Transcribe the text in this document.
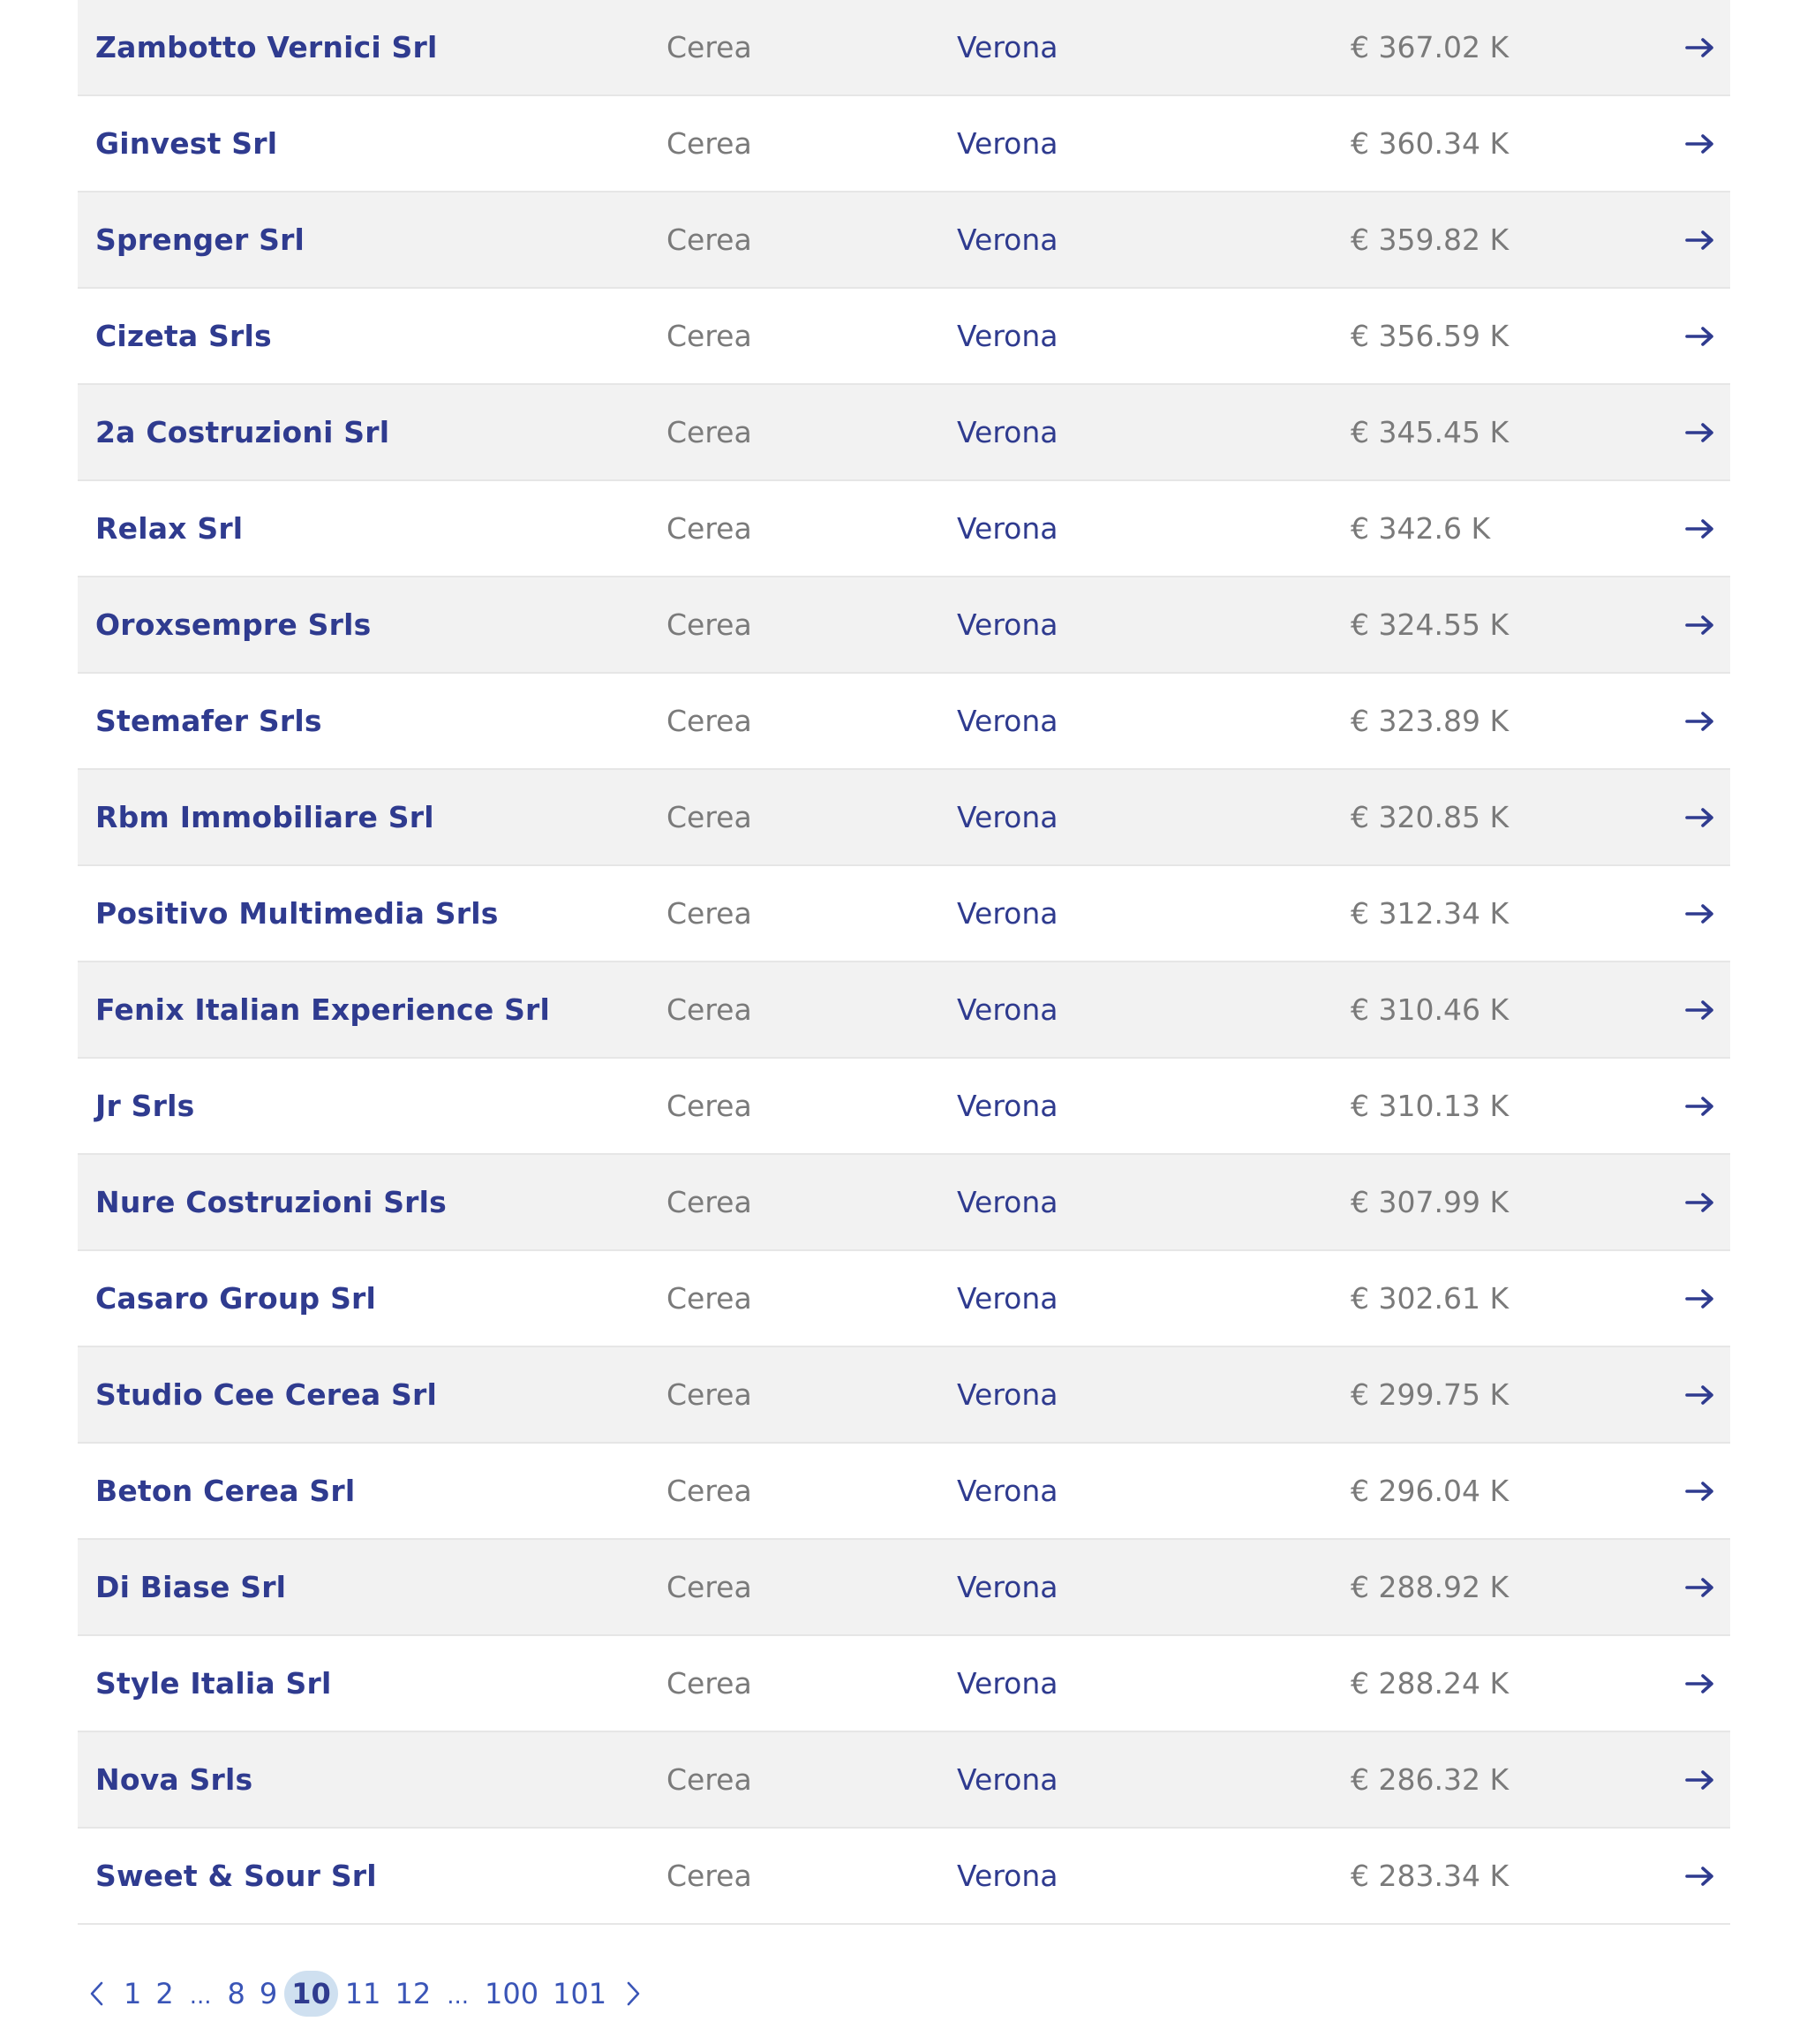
Zambotto Vernici Srl	Cerea	Verona	€ 367.02 K
Ginvest Srl	Cerea	Verona	€ 360.34 K
Sprenger Srl	Cerea	Verona	€ 359.82 K
Cizeta Srls	Cerea	Verona	€ 356.59 K
2a Costruzioni Srl	Cerea	Verona	€ 345.45 K
Relax Srl	Cerea	Verona	€ 342.6 K
Oroxsempre Srls	Cerea	Verona	€ 324.55 K
Stemafer Srls	Cerea	Verona	€ 323.89 K
Rbm Immobiliare Srl	Cerea	Verona	€ 320.85 K
Positivo Multimedia Srls	Cerea	Verona	€ 312.34 K
Fenix Italian Experience Srl	Cerea	Verona	€ 310.46 K
Jr Srls	Cerea	Verona	€ 310.13 K
Nure Costruzioni Srls	Cerea	Verona	€ 307.99 K
Casaro Group Srl	Cerea	Verona	€ 302.61 K
Studio Cee Cerea Srl	Cerea	Verona	€ 299.75 K
Beton Cerea Srl	Cerea	Verona	€ 296.04 K
Di Biase Srl	Cerea	Verona	€ 288.92 K
Style Italia Srl	Cerea	Verona	€ 288.24 K
Nova Srls	Cerea	Verona	€ 286.32 K
Sweet & Sour Srl	Cerea	Verona	€ 283.34 K
1 2 ... 8 9 10 11 12 ... 100 101
